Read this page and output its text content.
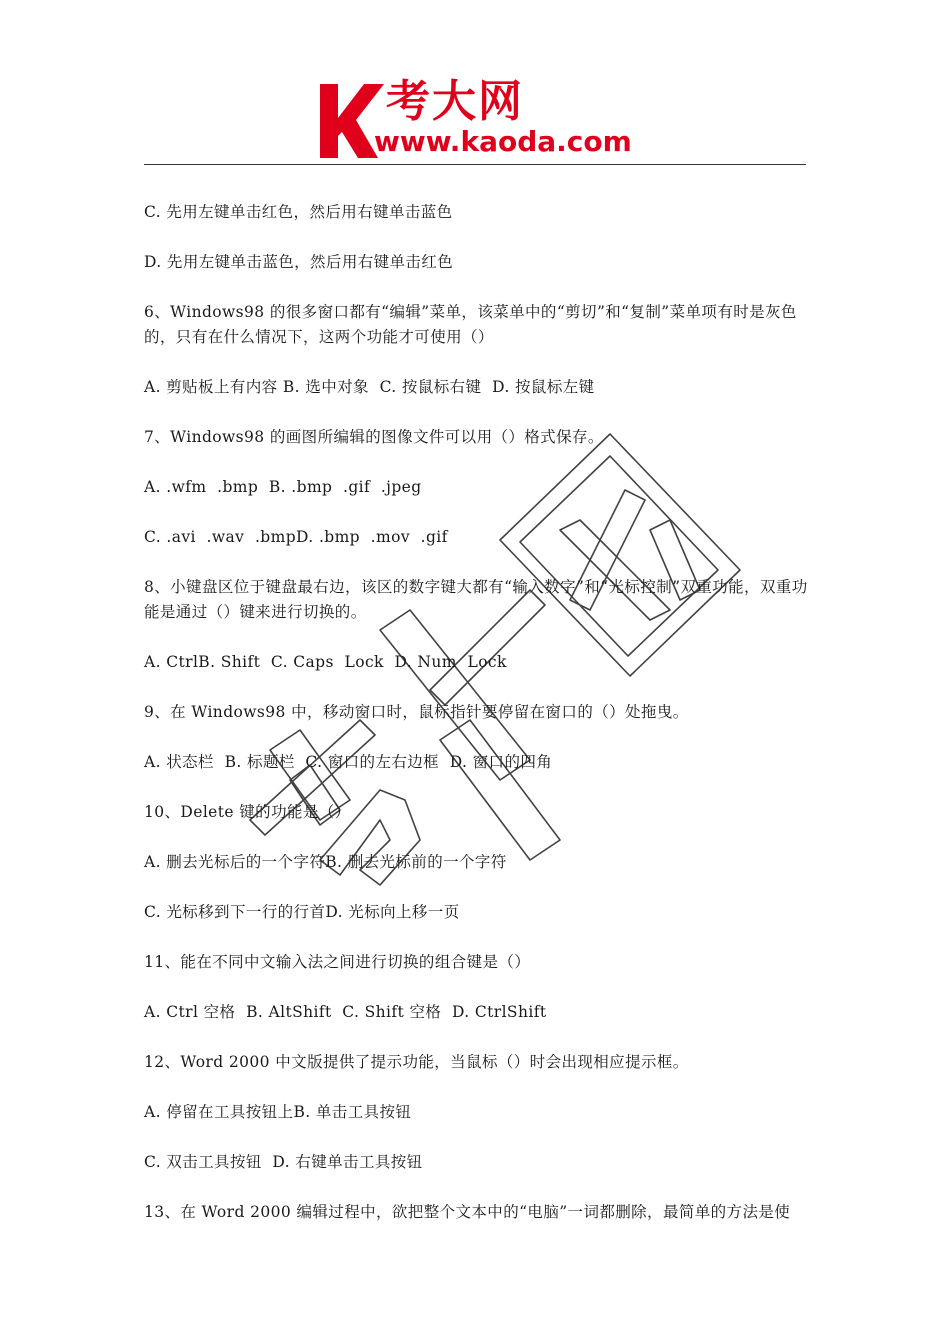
考大网
www.kaoda.com

C. 先用左键单击红色，然后用右键单击蓝色

D. 先用左键单击蓝色，然后用右键单击红色

6、Windows98 的很多窗口都有“编辑”菜单，该菜单中的“剪切”和“复制”菜单项有时是灰色的，只有在什么情况下，这两个功能才可使用（）

A. 剪贴板上有内容 B. 选中对象  C. 按鼠标右键  D. 按鼠标左键

7、Windows98 的画图所编辑的图像文件可以用（）格式保存。

A. .wfm  .bmp  B. .bmp  .gif  .jpeg

C. .avi  .wav  .bmpD. .bmp  .mov  .gif

8、小键盘区位于键盘最右边，该区的数字键大都有“输入数字”和“光标控制”双重功能，双重功能是通过（）键来进行切换的。

A. CtrlB. Shift  C. Caps  Lock  D. Num  Lock

9、在 Windows98 中，移动窗口时，鼠标指针要停留在窗口的（）处拖曳。

A. 状态栏  B. 标题栏  C. 窗口的左右边框  D. 窗口的四角

10、Delete 键的功能是（）

A. 删去光标后的一个字符B. 删去光标前的一个字符

C. 光标移到下一行的行首D. 光标向上移一页

11、能在不同中文输入法之间进行切换的组合键是（）

A. Ctrl 空格  B. AltShift  C. Shift 空格  D. CtrlShift

12、Word 2000 中文版提供了提示功能，当鼠标（）时会出现相应提示框。

A. 停留在工具按钮上B. 单击工具按钮

C. 双击工具按钮  D. 右键单击工具按钮

13、在 Word 2000 编辑过程中，欲把整个文本中的“电脑”一词都删除，最简单的方法是使
